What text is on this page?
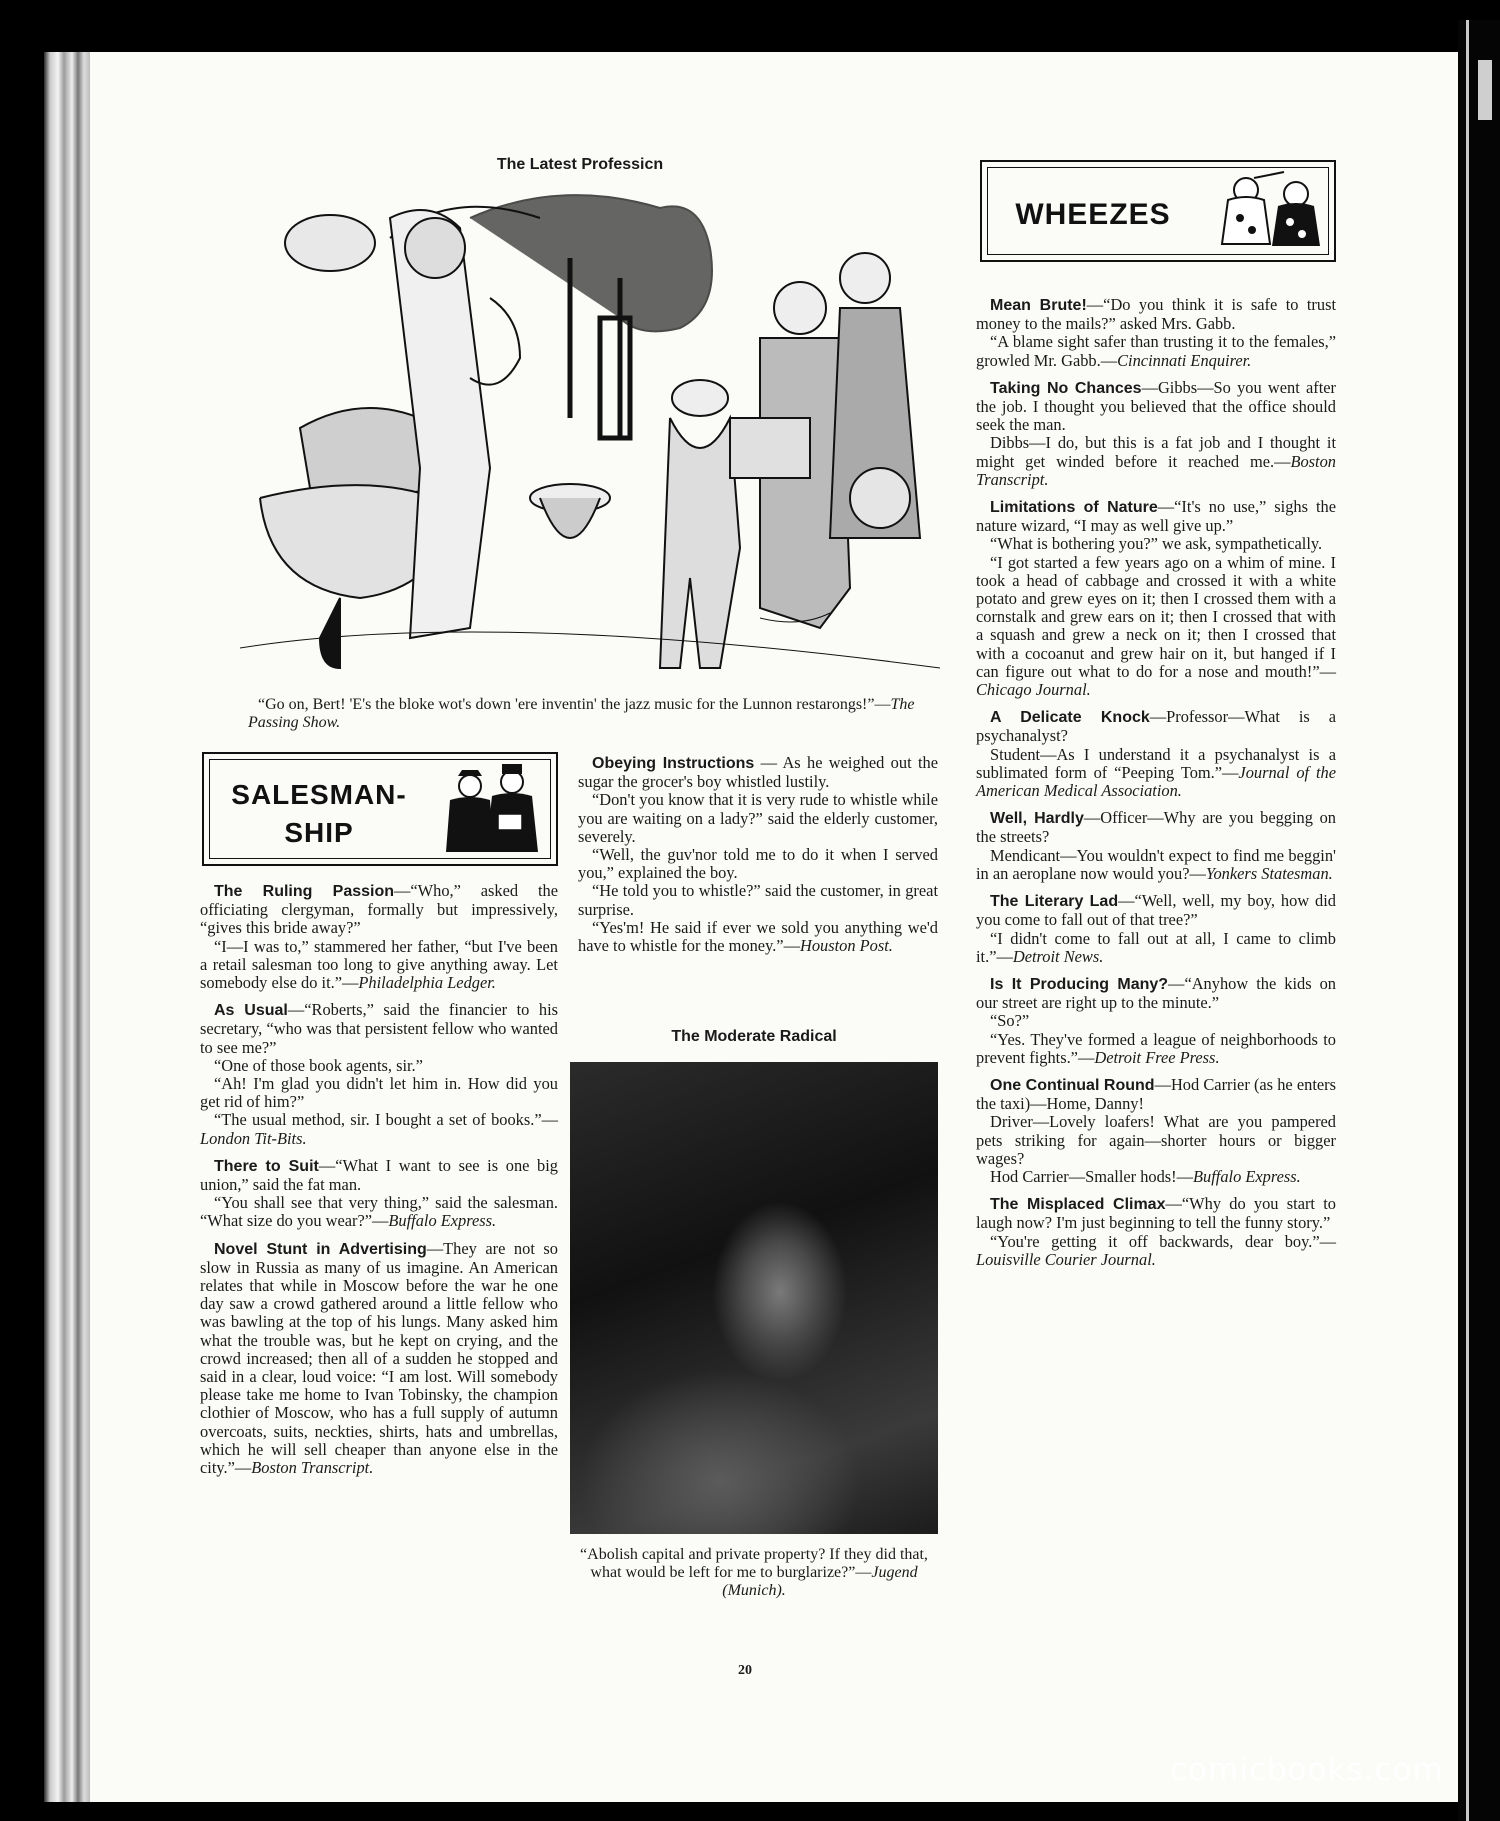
The Latest Professicn
“Go on, Bert! 'E's the bloke wot's down 'ere inventin' the jazz music for the Lunnon restarongs!”—The Passing Show.
WHEEZES
SALESMAN-
SHIP

The Ruling Passion—“Who,” asked the officiating clergyman, formally but impressively, “gives this bride away?”

“I—I was to,” stammered her father, “but I've been a retail salesman too long to give anything away. Let somebody else do it.”—Philadelphia Ledger.

As Usual—“Roberts,” said the financier to his secretary, “who was that persistent fellow who wanted to see me?”

“One of those book agents, sir.”

“Ah! I'm glad you didn't let him in. How did you get rid of him?”

“The usual method, sir. I bought a set of books.”—London Tit-Bits.

There to Suit—“What I want to see is one big union,” said the fat man.

“You shall see that very thing,” said the salesman. “What size do you wear?”—Buffalo Express.

Novel Stunt in Advertising—They are not so slow in Russia as many of us imagine. An American relates that while in Moscow before the war he one day saw a crowd gathered around a little fellow who was bawling at the top of his lungs. Many asked him what the trouble was, but he kept on crying, and the crowd increased; then all of a sudden he stopped and said in a clear, loud voice: “I am lost. Will somebody please take me home to Ivan Tobinsky, the champion clothier of Moscow, who has a full supply of autumn overcoats, suits, neckties, shirts, hats and umbrellas, which he will sell cheaper than anyone else in the city.”—Boston Transcript.

Obeying Instructions — As he weighed out the sugar the grocer's boy whistled lustily.

“Don't you know that it is very rude to whistle while you are waiting on a lady?” said the elderly customer, severely.

“Well, the guv'nor told me to do it when I served you,” explained the boy.

“He told you to whistle?” said the customer, in great surprise.

“Yes'm! He said if ever we sold you anything we'd have to whistle for the money.”—Houston Post.

The Moderate Radical
“Abolish capital and private property? If they did that, what would be left for me to burglarize?”—Jugend (Munich).

Mean Brute!—“Do you think it is safe to trust money to the mails?” asked Mrs. Gabb.

“A blame sight safer than trusting it to the females,” growled Mr. Gabb.—Cincinnati Enquirer.

Taking No Chances—Gibbs—So you went after the job. I thought you believed that the office should seek the man.

Dibbs—I do, but this is a fat job and I thought it might get winded before it reached me.—Boston Transcript.

Limitations of Nature—“It's no use,” sighs the nature wizard, “I may as well give up.”

“What is bothering you?” we ask, sympathetically.

“I got started a few years ago on a whim of mine. I took a head of cabbage and crossed it with a white potato and grew eyes on it; then I crossed them with a cornstalk and grew ears on it; then I crossed that with a squash and grew a neck on it; then I crossed that with a cocoanut and grew hair on it, but hanged if I can figure out what to do for a nose and mouth!”—Chicago Journal.

A Delicate Knock—Professor—What is a psychanalyst?

Student—As I understand it a psychanalyst is a sublimated form of “Peeping Tom.”—Journal of the American Medical Association.

Well, Hardly—Officer—Why are you begging on the streets?

Mendicant—You wouldn't expect to find me beggin' in an aeroplane now would you?—Yonkers Statesman.

The Literary Lad—“Well, well, my boy, how did you come to fall out of that tree?”

“I didn't come to fall out at all, I came to climb it.”—Detroit News.

Is It Producing Many?—“Anyhow the kids on our street are right up to the minute.”

“So?”

“Yes. They've formed a league of neighborhoods to prevent fights.”—Detroit Free Press.

One Continual Round—Hod Carrier (as he enters the taxi)—Home, Danny!

Driver—Lovely loafers! What are you pampered pets striking for again—shorter hours or bigger wages?

Hod Carrier—Smaller hods!—Buffalo Express.

The Misplaced Climax—“Why do you start to laugh now? I'm just beginning to tell the funny story.”

“You're getting it off backwards, dear boy.”—Louisville Courier Journal.

20
comicbooks.com
